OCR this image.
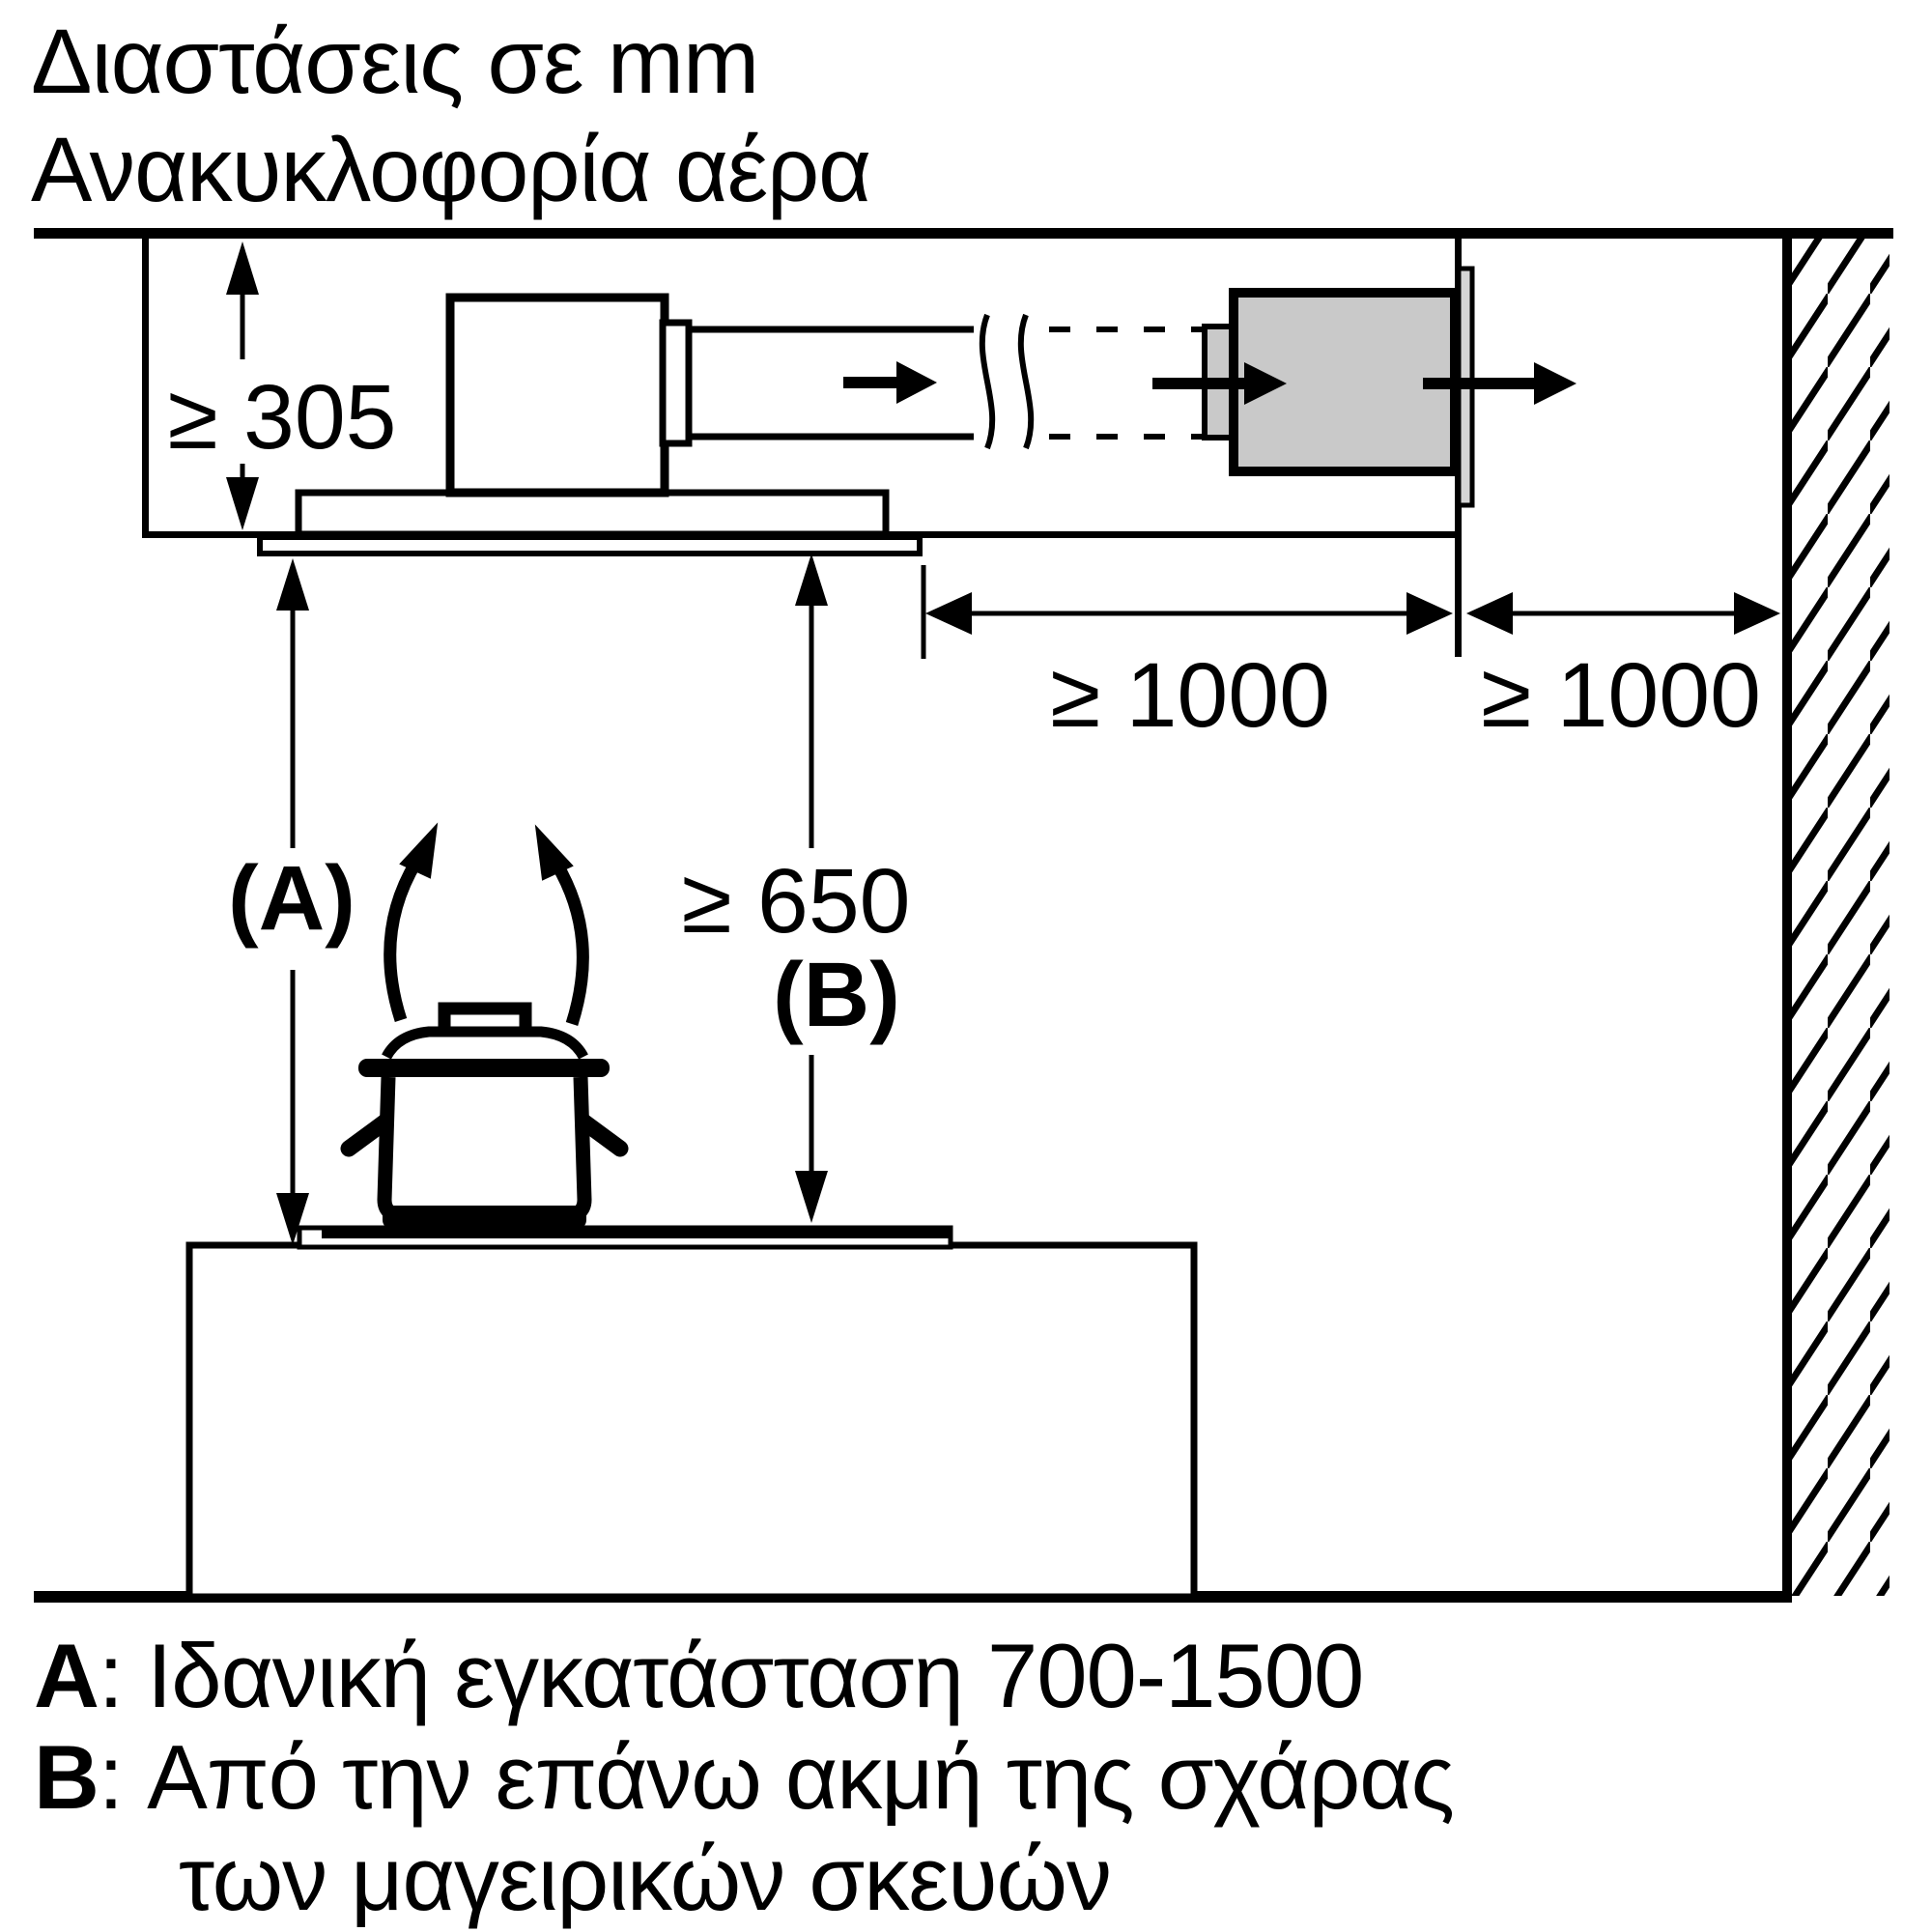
Διαστάσεις σε mm
Ανακυκλοφορία αέρα
≥ 305
≥ 1000 ≥ 1000
(A)	≥ 650
(B)
A: Ιδανική εγκατάσταση 700-1500
B: Από την επάνω ακμή της σχάρας των μαγειρικών σκευών
